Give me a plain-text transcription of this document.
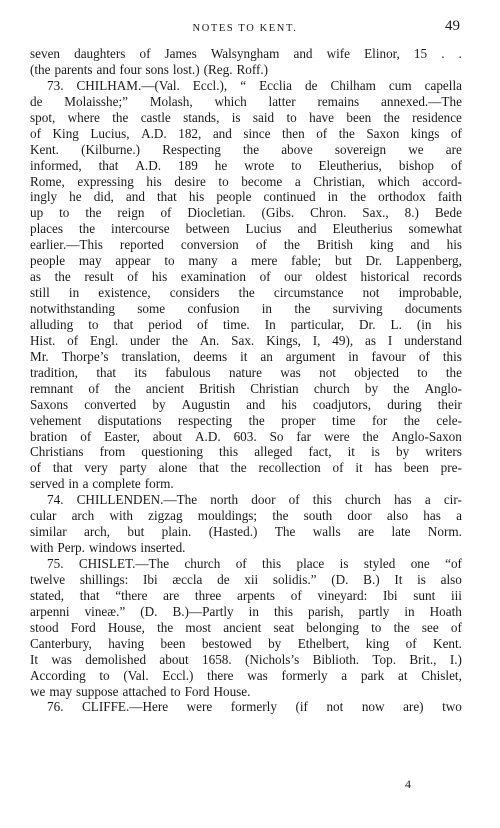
NOTES TO KENT.	49
seven daughters of James Walsyngham and wife Elinor, 15 . .
(the parents and four sons lost.) (Reg. Roff.)
73. CHILHAM.—(Val. Eccl.), “ Ecclia de Chilham cum capella
de Molaisshe;” Molash, which latter remains annexed.—The
spot, where the castle stands, is said to have been the residence
of King Lucius, A.D. 182, and since then of the Saxon kings of
Kent. (Kilburne.) Respecting the above sovereign we are
informed, that A.D. 189 he wrote to Eleutherius, bishop of
Rome, expressing his desire to become a Christian, which accord-
ingly he did, and that his people continued in the orthodox faith
up to the reign of Diocletian. (Gibs. Chron. Sax., 8.) Bede
places the intercourse between Lucius and Eleutherius somewhat
earlier.—This reported conversion of the British king and his
people may appear to many a mere fable; but Dr. Lappenberg,
as the result of his examination of our oldest historical records
still in existence, considers the circumstance not improbable,
notwithstanding some confusion in the surviving documents
alluding to that period of time. In particular, Dr. L. (in his
Hist. of Engl. under the An. Sax. Kings, I, 49), as I understand
Mr. Thorpe’s translation, deems it an argument in favour of this
tradition, that its fabulous nature was not objected to the
remnant of the ancient British Christian church by the Anglo-
Saxons converted by Augustin and his coadjutors, during their
vehement disputations respecting the proper time for the cele-
bration of Easter, about A.D. 603. So far were the Anglo-Saxon
Christians from questioning this alleged fact, it is by writers
of that very party alone that the recollection of it has been pre-
served in a complete form.
74. CHILLENDEN.—The north door of this church has a cir-
cular arch with zigzag mouldings; the south door also has a
similar arch, but plain. (Hasted.) The walls are late Norm.
with Perp. windows inserted.
75. CHISLET.—The church of this place is styled one “of
twelve shillings: Ibi æccla de xii solidis.” (D. B.) It is also
stated, that “there are three arpents of vineyard: Ibi sunt iii
arpenni vineæ.” (D. B.)—Partly in this parish, partly in Hoath
stood Ford House, the most ancient seat belonging to the see of
Canterbury, having been bestowed by Ethelbert, king of Kent.
It was demolished about 1658. (Nichols’s Biblioth. Top. Brit., I.)
According to (Val. Eccl.) there was formerly a park at Chislet,
we may suppose attached to Ford House.
76. CLIFFE.—Here were formerly (if not now are) two
4
